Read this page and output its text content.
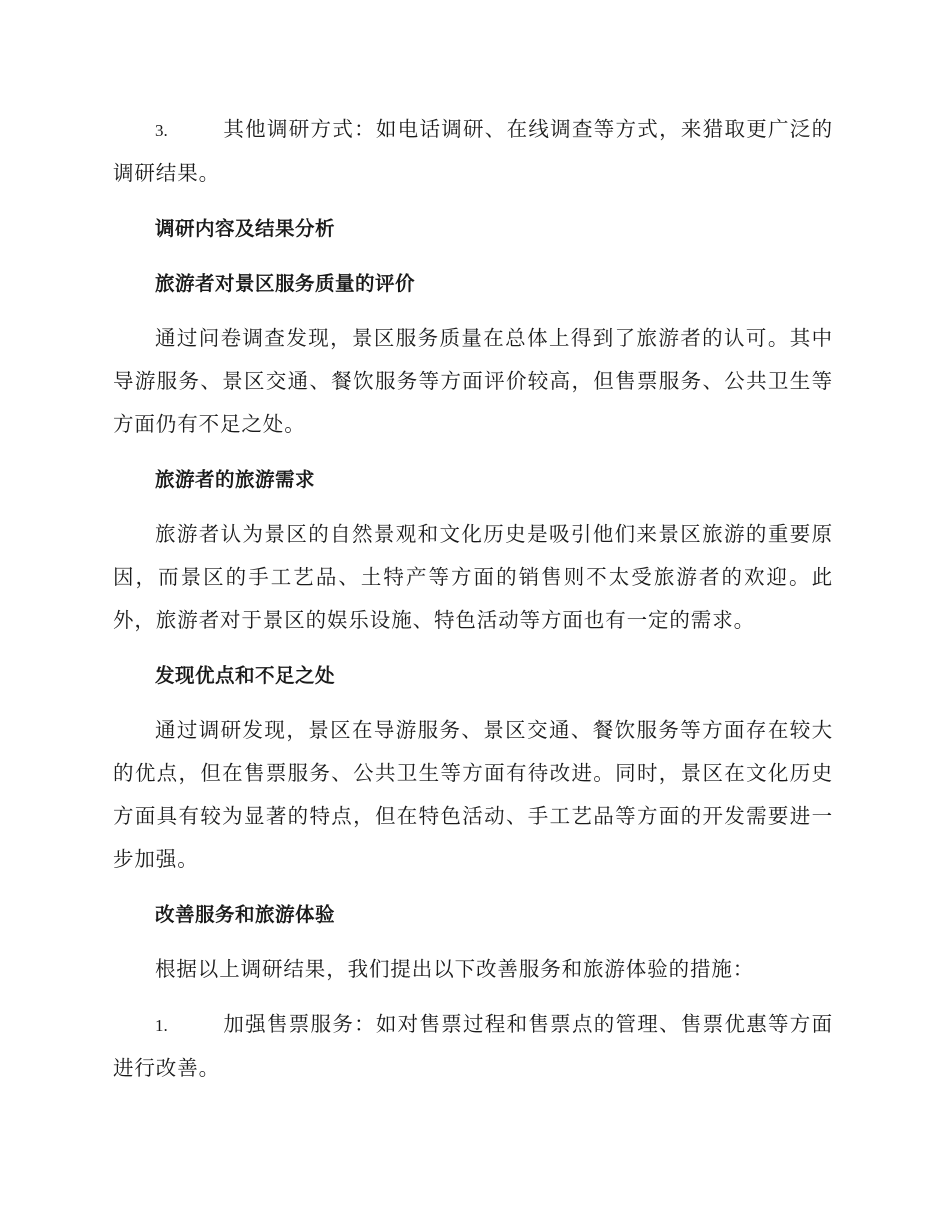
3.	其他调研方式：如电话调研、在线调查等方式，来猎取更广泛的调研结果。

调研内容及结果分析
旅游者对景区服务质量的评价

通过问卷调查发现，景区服务质量在总体上得到了旅游者的认可。其中导游服务、景区交通、餐饮服务等方面评价较高，但售票服务、公共卫生等方面仍有不足之处。

旅游者的旅游需求

旅游者认为景区的自然景观和文化历史是吸引他们来景区旅游的重要原因，而景区的手工艺品、土特产等方面的销售则不太受旅游者的欢迎。此外，旅游者对于景区的娱乐设施、特色活动等方面也有一定的需求。

发现优点和不足之处

通过调研发现，景区在导游服务、景区交通、餐饮服务等方面存在较大的优点，但在售票服务、公共卫生等方面有待改进。同时，景区在文化历史方面具有较为显著的特点，但在特色活动、手工艺品等方面的开发需要进一步加强。

改善服务和旅游体验

根据以上调研结果，我们提出以下改善服务和旅游体验的措施：

1.	加强售票服务：如对售票过程和售票点的管理、售票优惠等方面进行改善。
